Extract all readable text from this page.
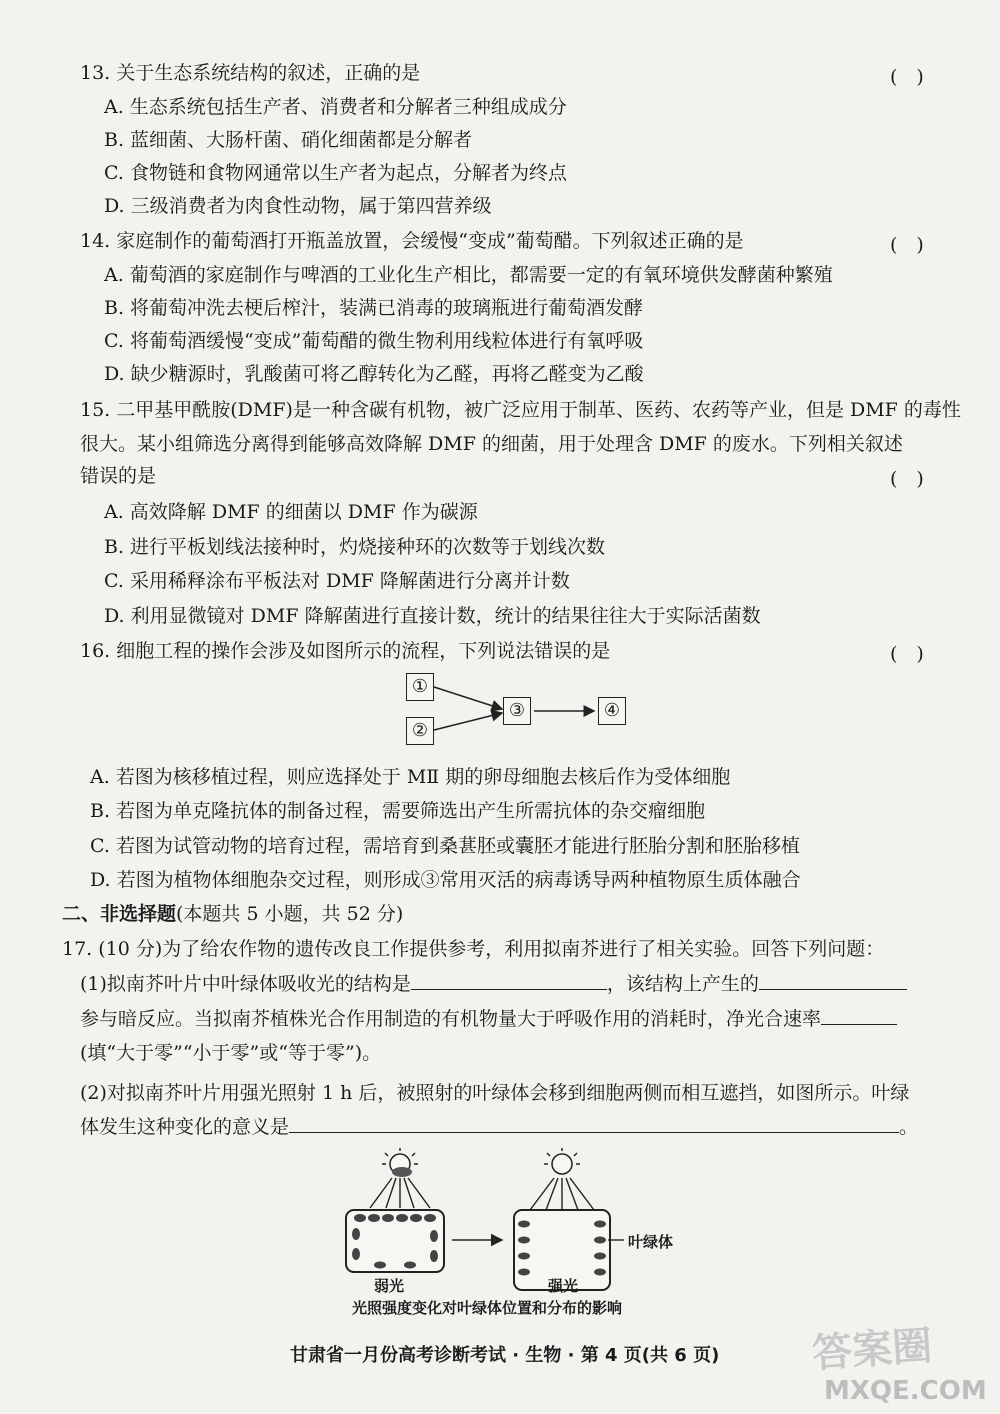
13. 关于生态系统结构的叙述，正确的是	(　)
A. 生态系统包括生产者、消费者和分解者三种组成成分
B. 蓝细菌、大肠杆菌、硝化细菌都是分解者
C. 食物链和食物网通常以生产者为起点，分解者为终点
D. 三级消费者为肉食性动物，属于第四营养级
14. 家庭制作的葡萄酒打开瓶盖放置，会缓慢“变成”葡萄醋。下列叙述正确的是	(　)
A. 葡萄酒的家庭制作与啤酒的工业化生产相比，都需要一定的有氧环境供发酵菌种繁殖
B. 将葡萄冲洗去梗后榨汁，装满已消毒的玻璃瓶进行葡萄酒发酵
C. 将葡萄酒缓慢“变成”葡萄醋的微生物利用线粒体进行有氧呼吸
D. 缺少糖源时，乳酸菌可将乙醇转化为乙醛，再将乙醛变为乙酸
15. 二甲基甲酰胺(DMF)是一种含碳有机物，被广泛应用于制革、医药、农药等产业，但是 DMF 的毒性
很大。某小组筛选分离得到能够高效降解 DMF 的细菌，用于处理含 DMF 的废水。下列相关叙述
错误的是	(　)
A. 高效降解 DMF 的细菌以 DMF 作为碳源
B. 进行平板划线法接种时，灼烧接种环的次数等于划线次数
C. 采用稀释涂布平板法对 DMF 降解菌进行分离并计数
D. 利用显微镜对 DMF 降解菌进行直接计数，统计的结果往往大于实际活菌数
16. 细胞工程的操作会涉及如图所示的流程，下列说法错误的是	(　)
①
②
③	④
A. 若图为核移植过程，则应选择处于 MⅡ 期的卵母细胞去核后作为受体细胞
B. 若图为单克隆抗体的制备过程，需要筛选出产生所需抗体的杂交瘤细胞
C. 若图为试管动物的培育过程，需培育到桑葚胚或囊胚才能进行胚胎分割和胚胎移植
D. 若图为植物体细胞杂交过程，则形成③常用灭活的病毒诱导两种植物原生质体融合
二、非选择题(本题共 5 小题，共 52 分)
17. (10 分)为了给农作物的遗传改良工作提供参考，利用拟南芥进行了相关实验。回答下列问题：
(1)拟南芥叶片中叶绿体吸收光的结构是	，该结构上产生的
参与暗反应。当拟南芥植株光合作用制造的有机物量大于呼吸作用的消耗时，净光合速率
(填“大于零”“小于零”或“等于零”)。
(2)对拟南芥叶片用强光照射 1 h 后，被照射的叶绿体会移到细胞两侧而相互遮挡，如图所示。叶绿
体发生这种变化的意义是	。
叶绿体
弱光	强光
光照强度变化对叶绿体位置和分布的影响
甘肃省一月份高考诊断考试 · 生物 · 第 4 页(共 6 页) 答案圈
MXQE.COM
